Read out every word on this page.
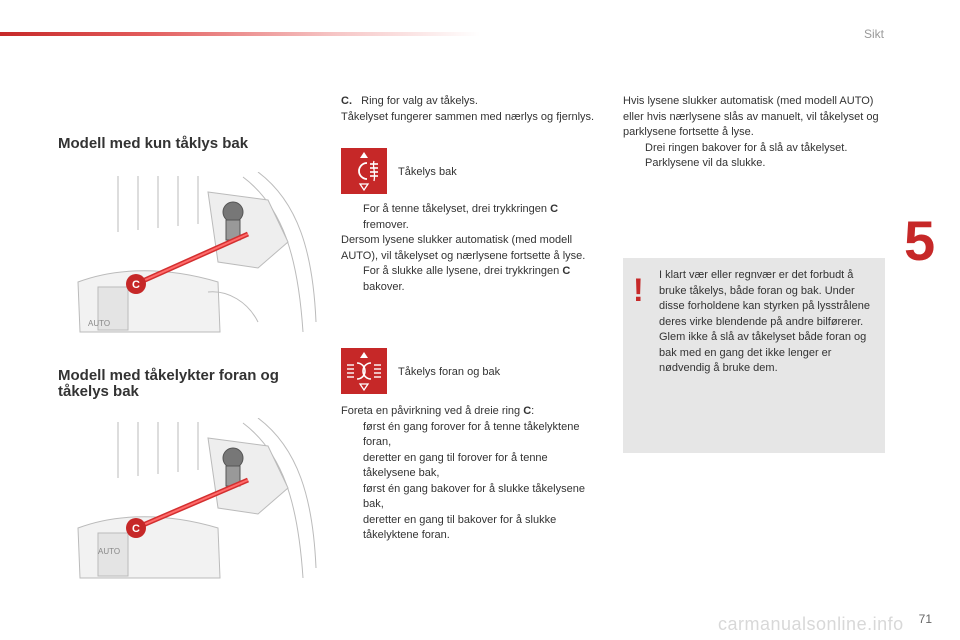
Sikt
5
Modell med kun tåklys bak
C
AUTO
Modell med tåkelykter foran og
tåkelys bak
C
AUTO

C. Ring for valg av tåkelys.

Tåkelyset fungerer sammen med nærlys og fjernlys.

Tåkelys bak

For å tenne tåkelyset, drei trykkringen C fremover.

Dersom lysene slukker automatisk (med modell AUTO), vil tåkelyset og nærlysene fortsette å lyse.

For å slukke alle lysene, drei trykkringen C bakover.

Tåkelys foran og bak

Foreta en påvirkning ved å dreie ring C:

først én gang forover for å tenne tåkelyktene foran,

deretter en gang til forover for å tenne tåkelysene bak,

først én gang bakover for å slukke tåkelysene bak,

deretter en gang til bakover for å slukke tåkelyktene foran.

Hvis lysene slukker automatisk (med modell AUTO) eller hvis nærlysene slås av manuelt, vil tåkelyset og parklysene fortsette å lyse.

Drei ringen bakover for å slå av tåkelyset. Parklysene vil da slukke.

! I klart vær eller regnvær er det forbudt å bruke tåkelys, både foran og bak. Under disse forholdene kan styrken på lysstrålene deres virke blendende på andre bilførerer.

Glem ikke å slå av tåkelyset både foran og bak med en gang det ikke lenger er nødvendig å bruke dem.

carmanualsonline.info 71
